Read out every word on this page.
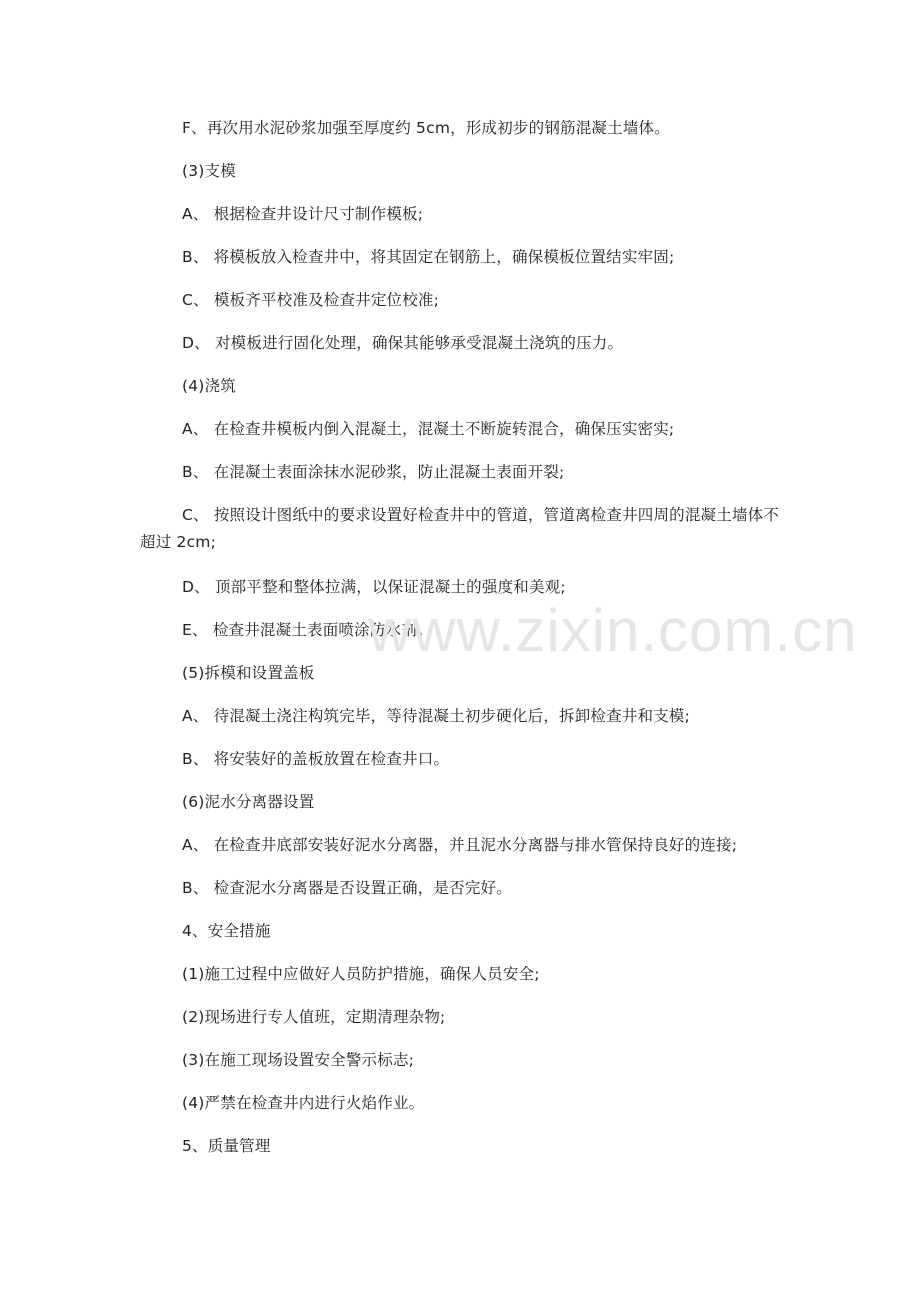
F、再次用水泥砂浆加强至厚度约 5cm，形成初步的钢筋混凝土墙体。
(3)支模
A、 根据检查井设计尺寸制作模板;
B、 将模板放入检查井中，将其固定在钢筋上，确保模板位置结实牢固;
C、 模板齐平校准及检查井定位校准;
D、 对模板进行固化处理，确保其能够承受混凝土浇筑的压力。
(4)浇筑
A、 在检查井模板内倒入混凝土，混凝土不断旋转混合，确保压实密实;
B、 在混凝土表面涂抹水泥砂浆，防止混凝土表面开裂;
C、 按照设计图纸中的要求设置好检查井中的管道，管道离检查井四周的混凝土墙体不超过 2cm;
D、 顶部平整和整体拉满，以保证混凝土的强度和美观;
E、 检查井混凝土表面喷涂防水剂。
(5)拆模和设置盖板
A、 待混凝土浇注构筑完毕，等待混凝土初步硬化后，拆卸检查井和支模;
B、 将安装好的盖板放置在检查井口。
(6)泥水分离器设置
A、 在检查井底部安装好泥水分离器，并且泥水分离器与排水管保持良好的连接;
B、 检查泥水分离器是否设置正确，是否完好。
4、安全措施
(1)施工过程中应做好人员防护措施，确保人员安全;
(2)现场进行专人值班，定期清理杂物;
(3)在施工现场设置安全警示标志;
(4)严禁在检查井内进行火焰作业。
5、质量管理
www.zixin.com.cn
